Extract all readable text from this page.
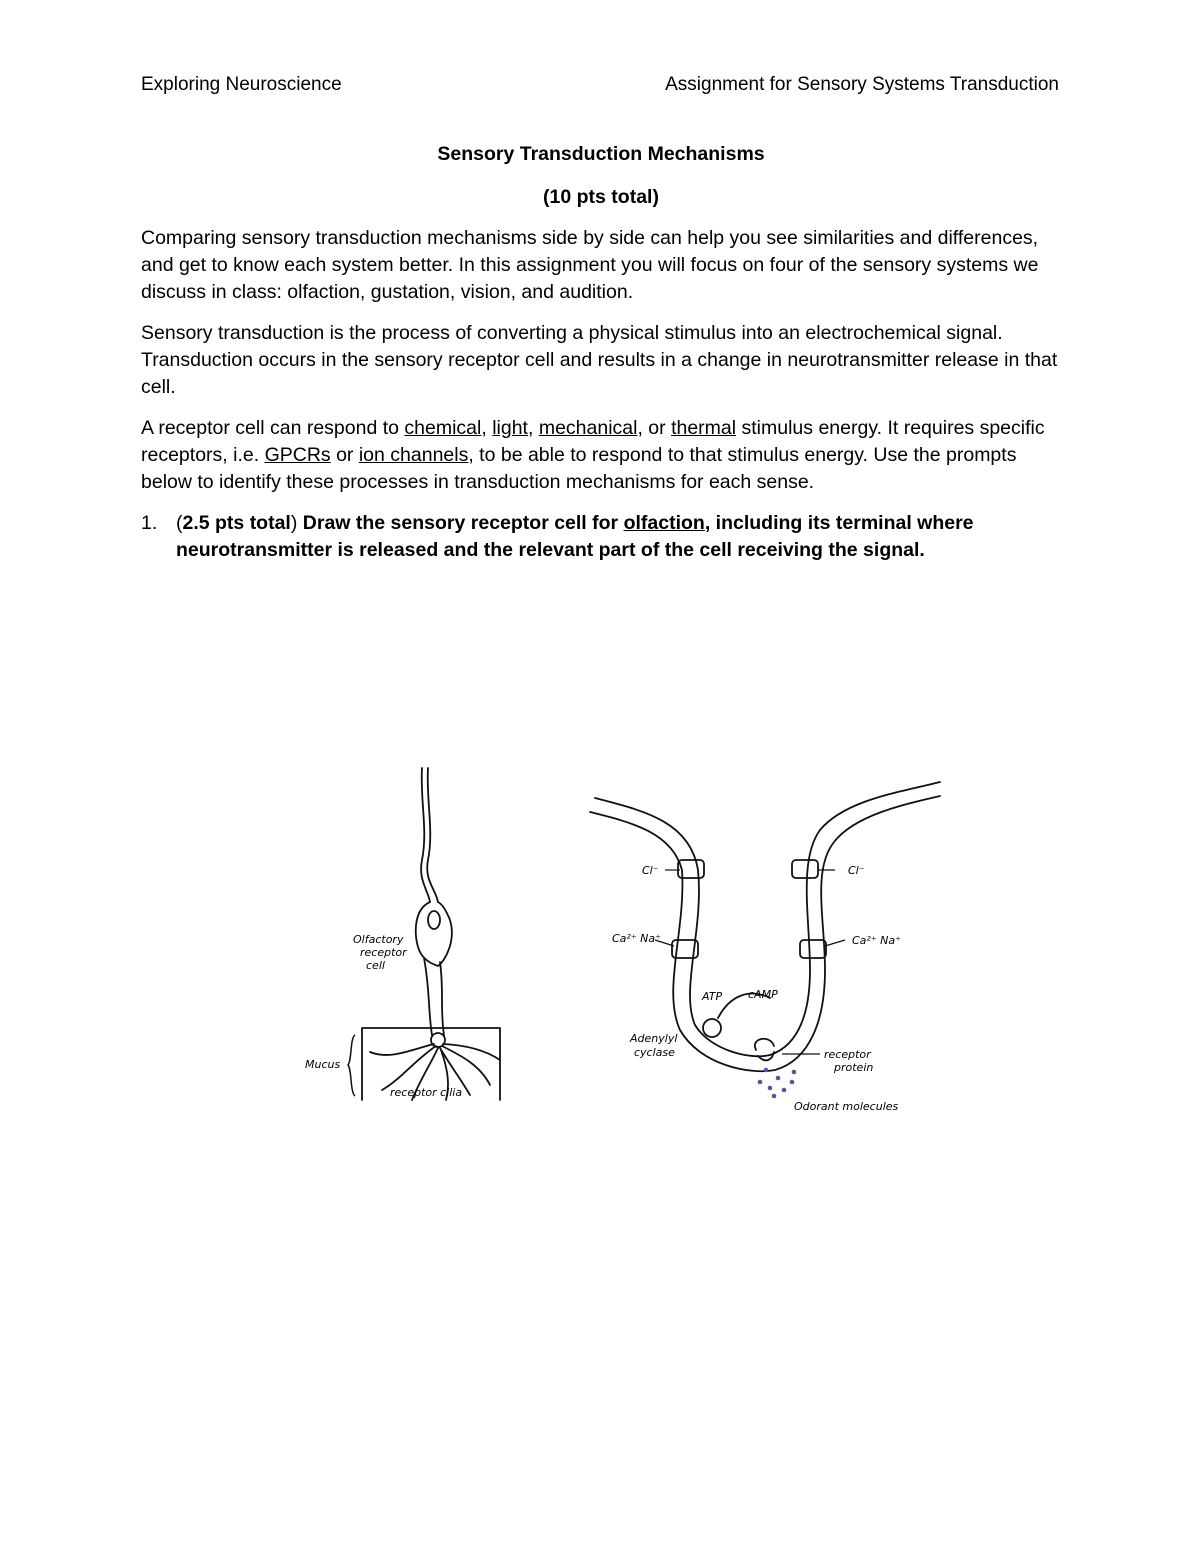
Exploring Neuroscience	Assignment for Sensory Systems Transduction

Sensory Transduction Mechanisms

(10 pts total)

Comparing sensory transduction mechanisms side by side can help you see similarities and differences, and get to know each system better. In this assignment you will focus on four of the sensory systems we discuss in class: olfaction, gustation, vision, and audition.

Sensory transduction is the process of converting a physical stimulus into an electrochemical signal. Transduction occurs in the sensory receptor cell and results in a change in neurotransmitter release in that cell.

A receptor cell can respond to chemical, light, mechanical, or thermal stimulus energy. It requires specific receptors, i.e. GPCRs or ion channels, to be able to respond to that stimulus energy. Use the prompts below to identify these processes in transduction mechanisms for each sense.

1. (2.5 pts total) Draw the sensory receptor cell for olfaction, including its terminal where neurotransmitter is released and the relevant part of the cell receiving the signal.
Olfactory
receptor
cell
Mucus
receptor cilia
Cl⁻	Cl⁻
Ca²⁺ Na⁺	Ca²⁺ Na⁺
ATP cAMP
Adenylyl
cyclase	receptor
protein
Odorant molecules
